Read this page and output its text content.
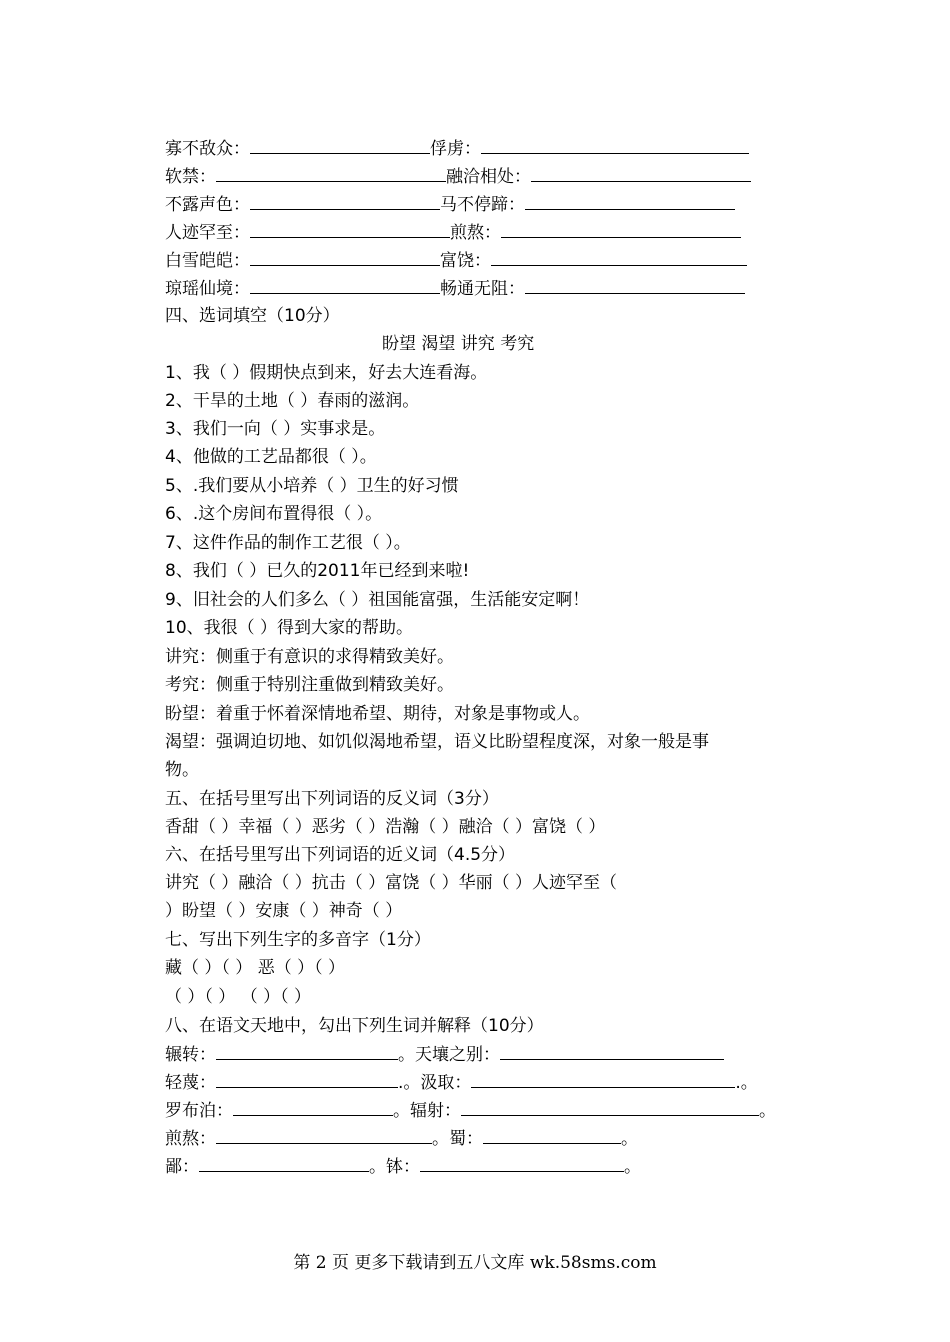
寡不敌众：	俘虏：
软禁：	融洽相处：
不露声色：	马不停蹄：
人迹罕至：	煎熬：
白雪皑皑：	富饶：
琼瑶仙境：	畅通无阻：
四、选词填空（10分）
盼望 渴望 讲究 考究
1、我（ ）假期快点到来，好去大连看海。
2、干旱的土地（ ）春雨的滋润。
3、我们一向（ ）实事求是。
4、他做的工艺品都很（ ）。
5、.我们要从小培养（ ）卫生的好习惯
6、.这个房间布置得很（ ）。
7、这件作品的制作工艺很（ ）。
8、我们（ ）已久的2011年已经到来啦!
9、旧社会的人们多么（ ）祖国能富强，生活能安定啊！
10、我很（ ）得到大家的帮助。
讲究：侧重于有意识的求得精致美好。
考究：侧重于特别注重做到精致美好。
盼望：着重于怀着深情地希望、期待，对象是事物或人。
渴望：强调迫切地、如饥似渴地希望，语义比盼望程度深，对象一般是事
物。
五、在括号里写出下列词语的反义词（3分）
香甜（ ）幸福（ ）恶劣（ ）浩瀚（ ）融洽（ ）富饶（ ）
六、在括号里写出下列词语的近义词（4.5分）
讲究（ ）融洽（ ）抗击（ ）富饶（ ）华丽（ ）人迹罕至（
）盼望（ ）安康（ ）神奇（ ）
七、写出下列生字的多音字（1分）
藏（ ）（ ） 恶（ ）（ ）
（ ）（ ） （ ）（ ）
八、在语文天地中，勾出下列生词并解释（10分）
辗转：	。天壤之别：
轻蔑：	.。汲取：	.。
罗布泊：	。辐射：	。
煎熬：	。蜀：	。
鄙：	。钵：	。
第 2 页 更多下载请到五八文库 wk.58sms.com
